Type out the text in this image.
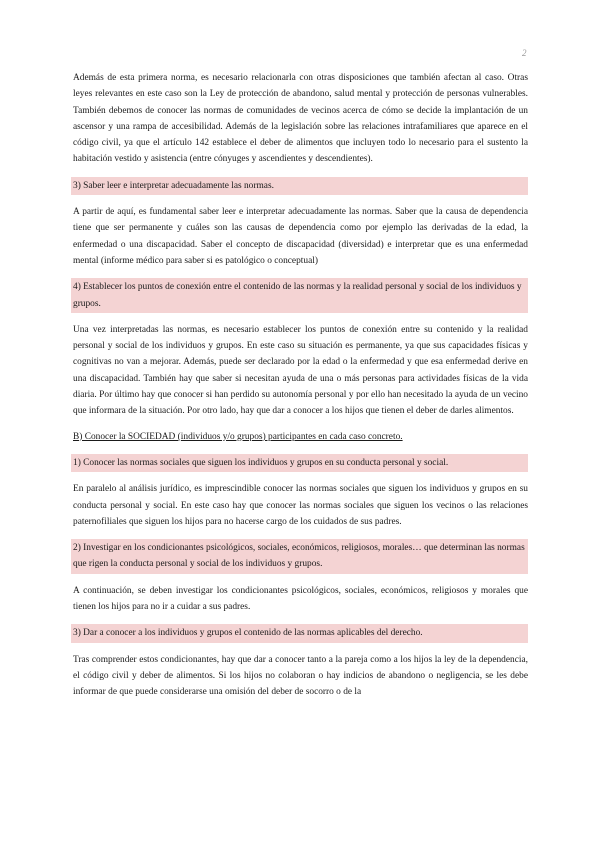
2

Además de esta primera norma, es necesario relacionarla con otras disposiciones que también afectan al caso. Otras leyes relevantes en este caso son la Ley de protección de abandono, salud mental y protección de personas vulnerables. También debemos de conocer las normas de comunidades de vecinos acerca de cómo se decide la implantación de un ascensor y una rampa de accesibilidad. Además de la legislación sobre las relaciones intrafamiliares que aparece en el código civil, ya que el artículo 142 establece el deber de alimentos que incluyen todo lo necesario para el sustento la habitación vestido y asistencia (entre cónyuges y ascendientes y descendientes).

3) Saber leer e interpretar adecuadamente las normas.

A partir de aquí, es fundamental saber leer e interpretar adecuadamente las normas. Saber que la causa de dependencia tiene que ser permanente y cuáles son las causas de dependencia como por ejemplo las derivadas de la edad, la enfermedad o una discapacidad. Saber el concepto de discapacidad (diversidad) e interpretar que es una enfermedad mental (informe médico para saber si es patológico o conceptual)

4) Establecer los puntos de conexión entre el contenido de las normas y la realidad personal y social de los individuos y grupos.

Una vez interpretadas las normas, es necesario establecer los puntos de conexión entre su contenido y la realidad personal y social de los individuos y grupos. En este caso su situación es permanente, ya que sus capacidades físicas y cognitivas no van a mejorar. Además, puede ser declarado por la edad o la enfermedad y que esa enfermedad derive en una discapacidad. También hay que saber si necesitan ayuda de una o más personas para actividades físicas de la vida diaria. Por último hay que conocer si han perdido su autonomía personal y por ello han necesitado la ayuda de un vecino que informara de la situación. Por otro lado, hay que dar a conocer a los hijos que tienen el deber de darles alimentos.

B) Conocer la SOCIEDAD (individuos y/o grupos) participantes en cada caso concreto.
1) Conocer las normas sociales que siguen los individuos y grupos en su conducta personal y social.

En paralelo al análisis jurídico, es imprescindible conocer las normas sociales que siguen los individuos y grupos en su conducta personal y social. En este caso hay que conocer las normas sociales que siguen los vecinos o las relaciones paternofiliales que siguen los hijos para no hacerse cargo de los cuidados de sus padres.

2) Investigar en los condicionantes psicológicos, sociales, económicos, religiosos, morales… que determinan las normas que rigen la conducta personal y social de los individuos y grupos.

A continuación, se deben investigar los condicionantes psicológicos, sociales, económicos, religiosos y morales que tienen los hijos para no ir a cuidar a sus padres.

3) Dar a conocer a los individuos y grupos el contenido de las normas aplicables del derecho.

Tras comprender estos condicionantes, hay que dar a conocer tanto a la pareja como a los hijos la ley de la dependencia, el código civil y deber de alimentos. Si los hijos no colaboran o hay indicios de abandono o negligencia, se les debe informar de que puede considerarse una omisión del deber de socorro o de la
